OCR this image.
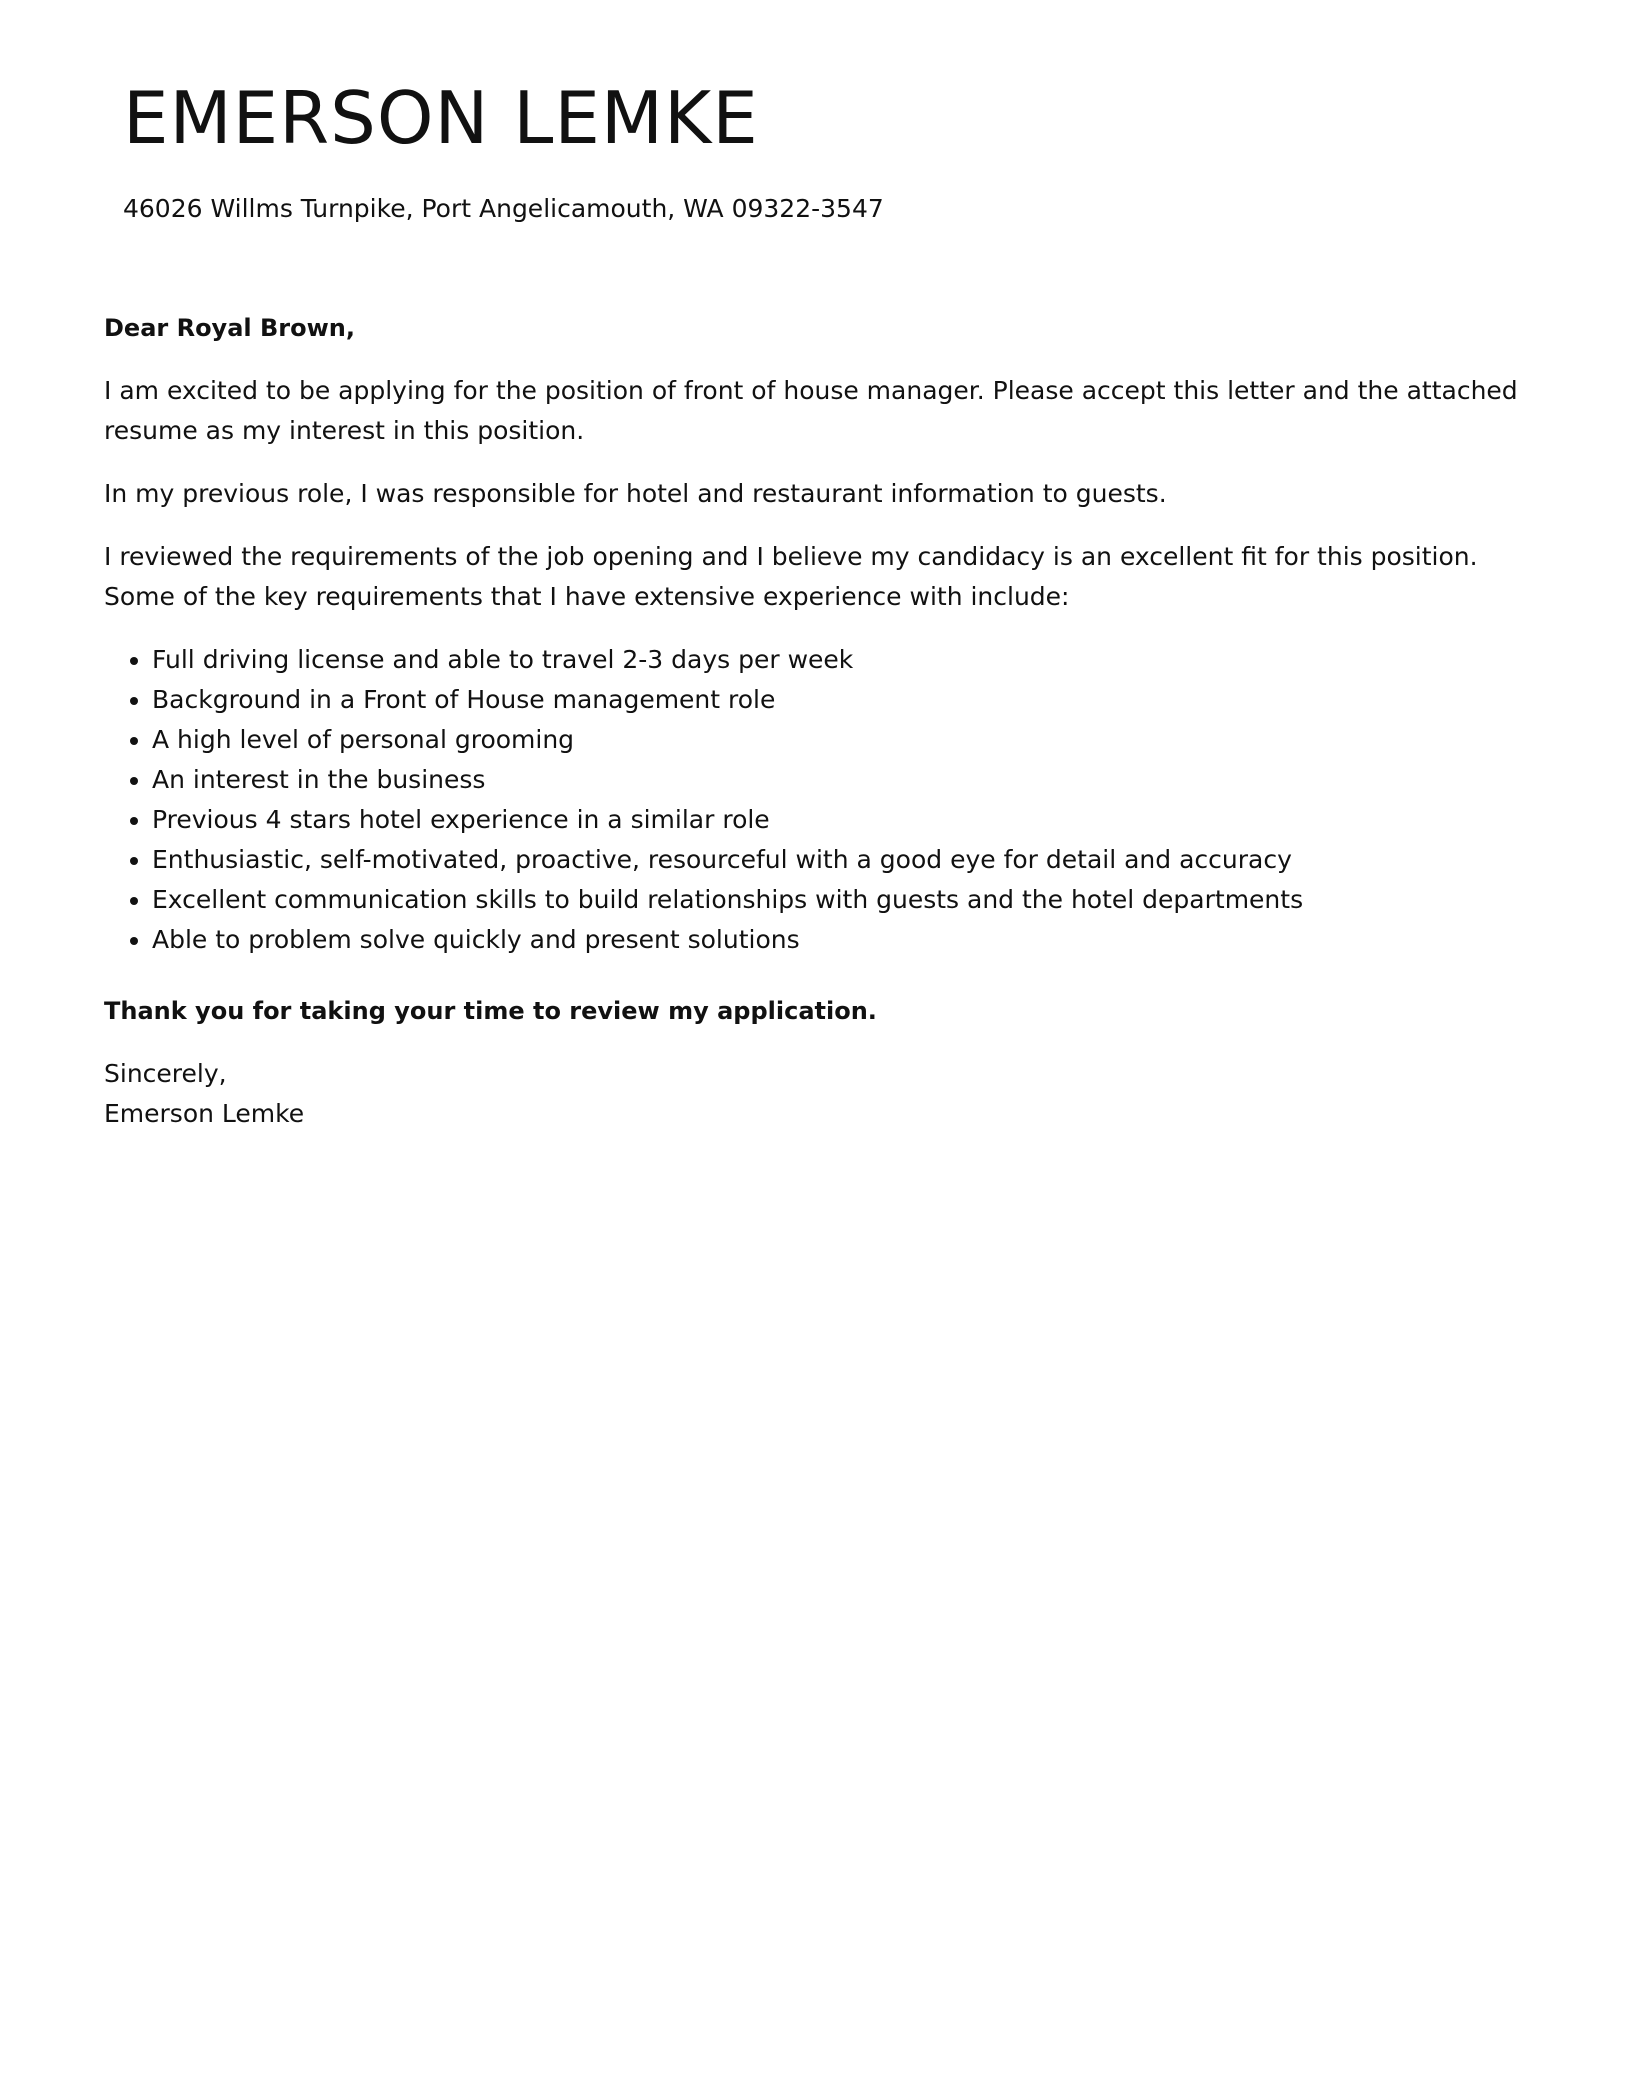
EMERSON LEMKE
46026 Willms Turnpike, Port Angelicamouth, WA 09322-3547

Dear Royal Brown,

I am excited to be applying for the position of front of house manager. Please accept this letter and the attached resume as my interest in this position.

In my previous role, I was responsible for hotel and restaurant information to guests.

I reviewed the requirements of the job opening and I believe my candidacy is an excellent fit for this position. Some of the key requirements that I have extensive experience with include:

• Full driving license and able to travel 2-3 days per week
• Background in a Front of House management role
• A high level of personal grooming
• An interest in the business
• Previous 4 stars hotel experience in a similar role
• Enthusiastic, self-motivated, proactive, resourceful with a good eye for detail and accuracy
• Excellent communication skills to build relationships with guests and the hotel departments
• Able to problem solve quickly and present solutions

Thank you for taking your time to review my application.

Sincerely,
Emerson Lemke
